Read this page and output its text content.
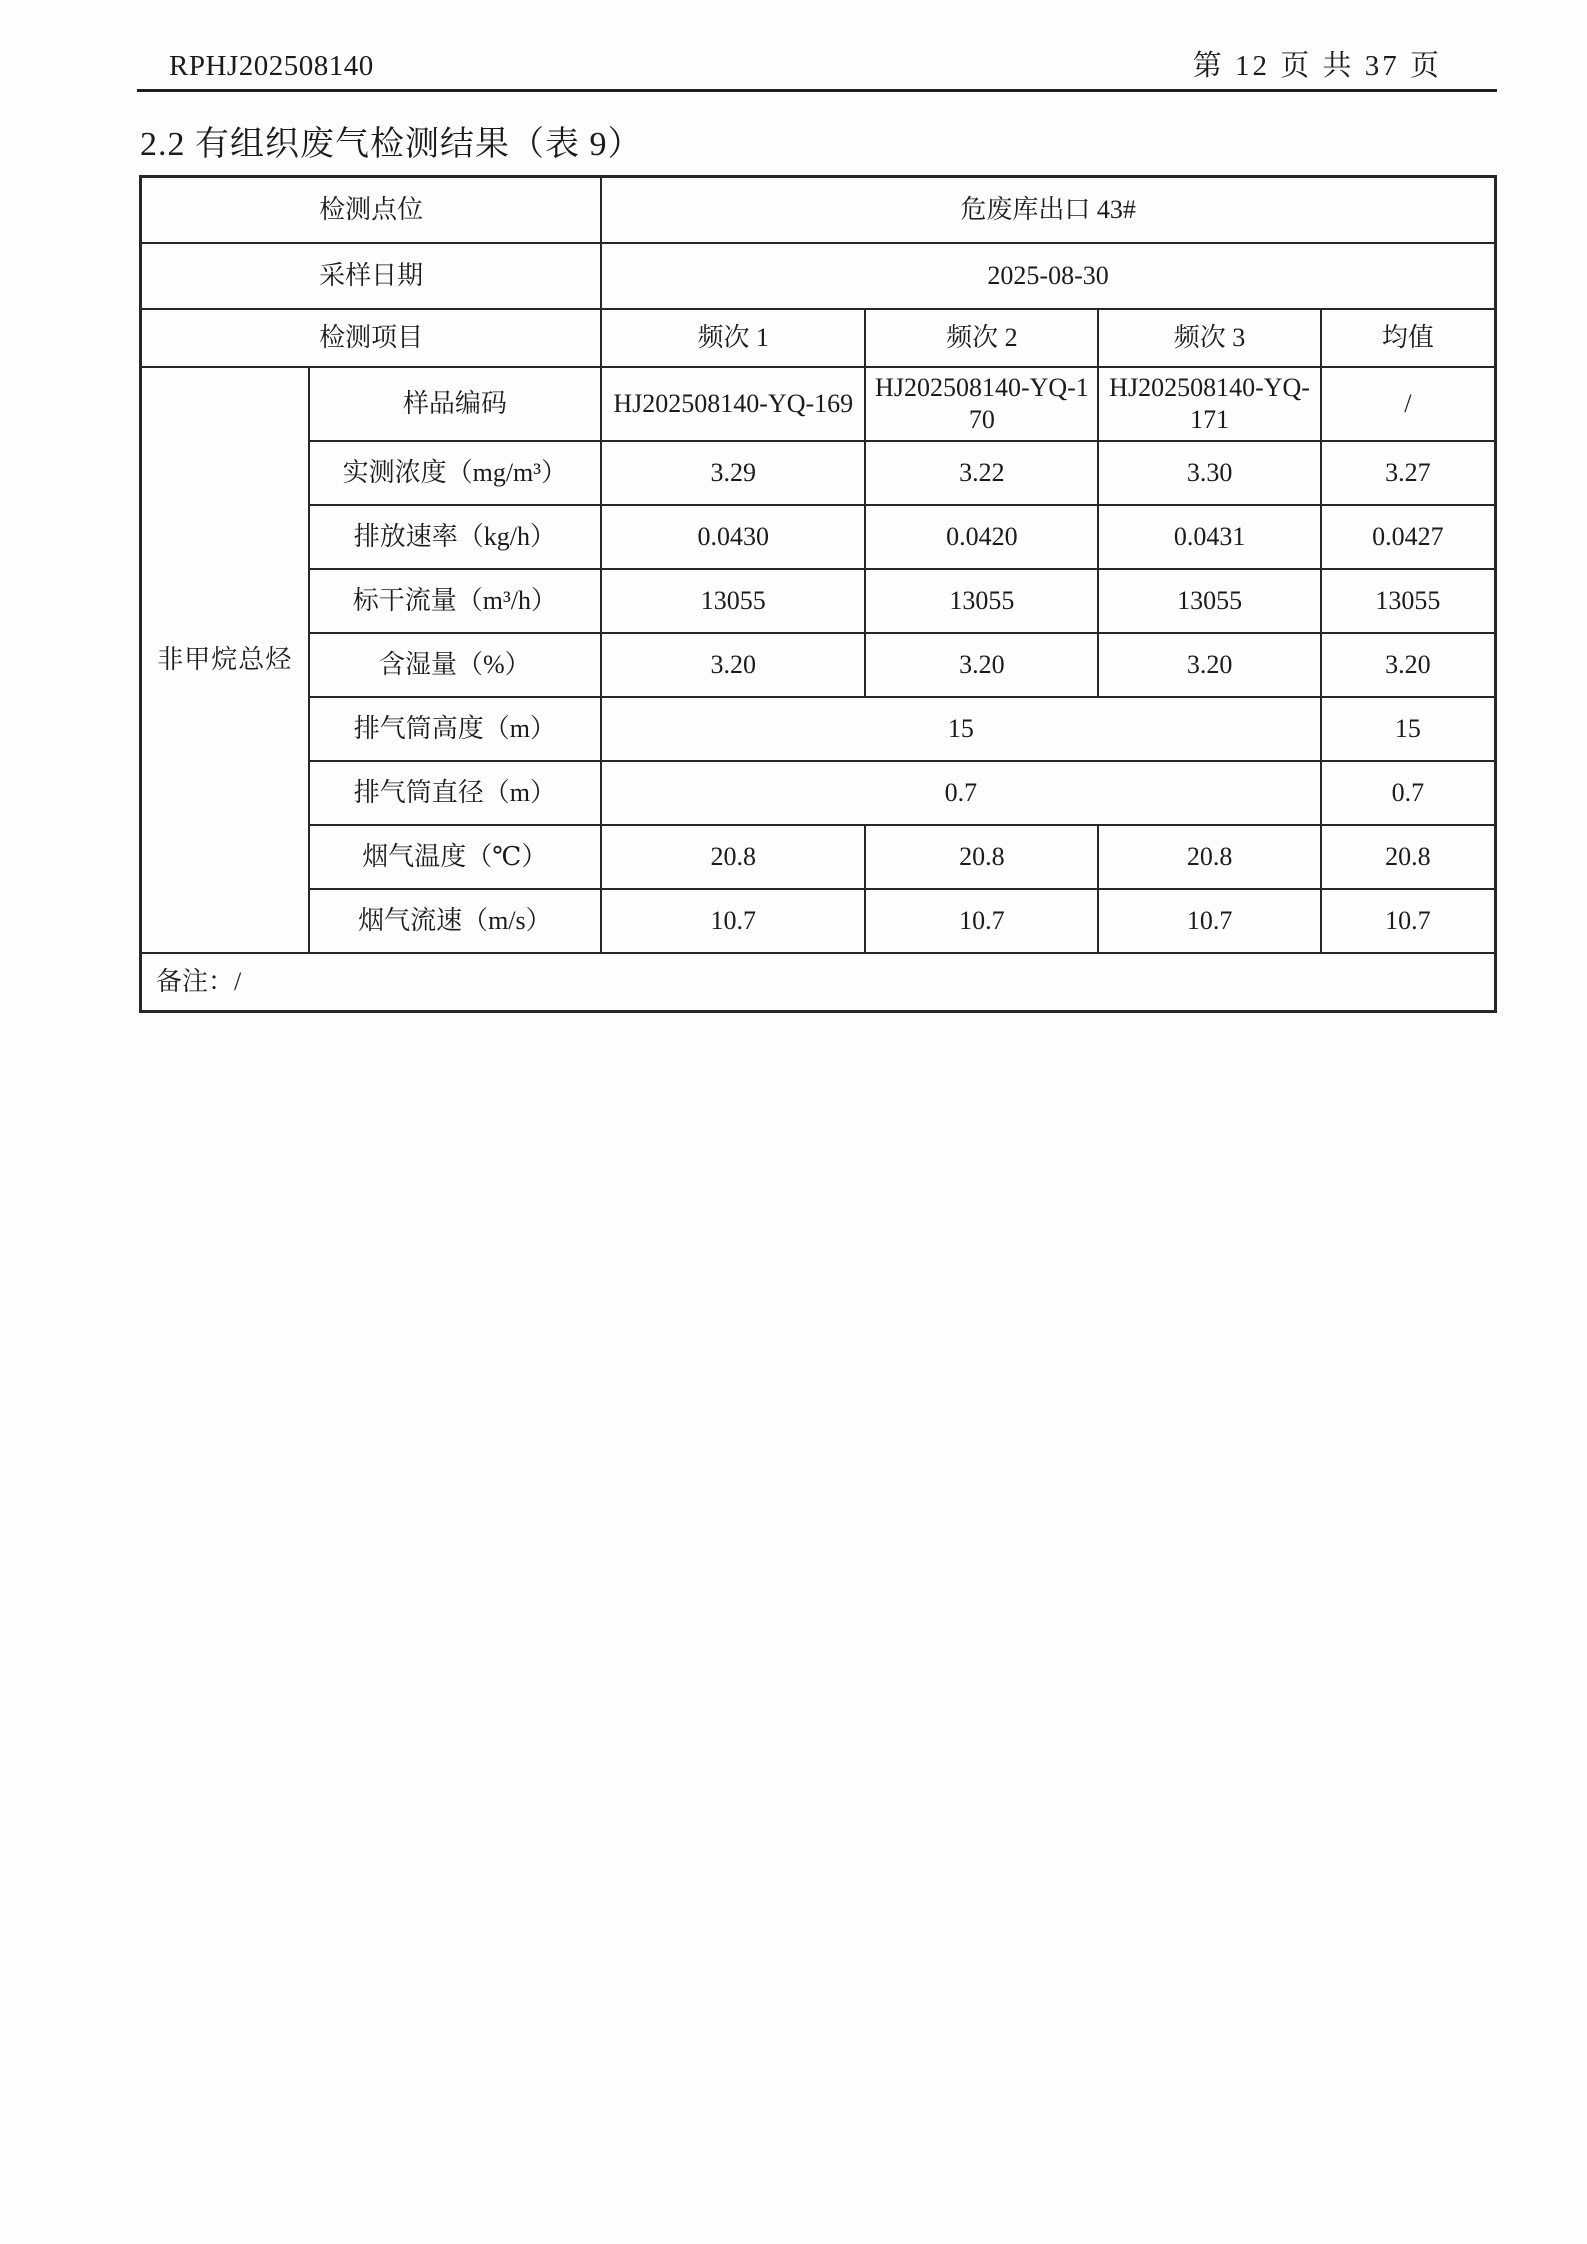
RPHJ202508140	第 12 页 共 37 页
2.2 有组织废气检测结果（表 9）
检测点位		危废库出口 43#			
采样日期		2025-08-30			
检测项目		频次 1	频次 2	频次 3	均值
非甲烷总烃	样品编码	HJ202508140-YQ-169	HJ202508140-YQ-170	HJ202508140-YQ-171	/
	实测浓度（mg/m³）	3.29	3.22	3.30	3.27
	排放速率（kg/h）	0.0430	0.0420	0.0431	0.0427
	标干流量（m³/h）	13055	13055	13055	13055
	含湿量（%）	3.20	3.20	3.20	3.20
	排气筒高度（m）	15			15
	排气筒直径（m）	0.7			0.7
	烟气温度（℃）	20.8	20.8	20.8	20.8
	烟气流速（m/s）	10.7	10.7	10.7	10.7
备注：/					
